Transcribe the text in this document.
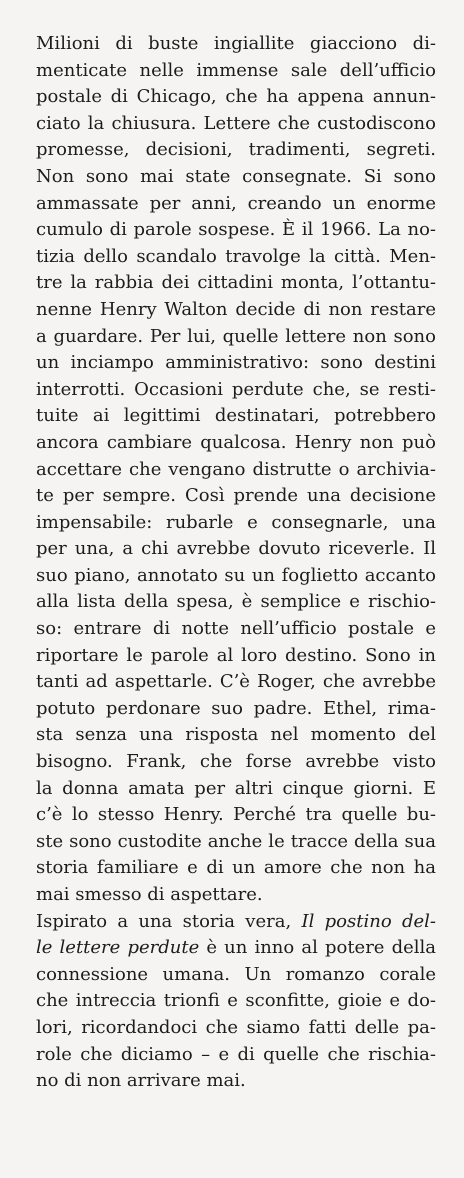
Milioni di buste ingiallite giacciono di-
menticate nelle immense sale dell’ufficio
postale di Chicago, che ha appena annun-
ciato la chiusura. Lettere che custodiscono
promesse, decisioni, tradimenti, segreti.
Non sono mai state consegnate. Si sono
ammassate per anni, creando un enorme
cumulo di parole sospese. È il 1966. La no-
tizia dello scandalo travolge la città. Men-
tre la rabbia dei cittadini monta, l’ottantu-
nenne Henry Walton decide di non restare
a guardare. Per lui, quelle lettere non sono
un inciampo amministrativo: sono destini
interrotti. Occasioni perdute che, se resti-
tuite ai legittimi destinatari, potrebbero
ancora cambiare qualcosa. Henry non può
accettare che vengano distrutte o archivia-
te per sempre. Così prende una decisione
impensabile: rubarle e consegnarle, una
per una, a chi avrebbe dovuto riceverle. Il
suo piano, annotato su un foglietto accanto
alla lista della spesa, è semplice e rischio-
so: entrare di notte nell’ufficio postale e
riportare le parole al loro destino. Sono in
tanti ad aspettarle. C’è Roger, che avrebbe
potuto perdonare suo padre. Ethel, rima-
sta senza una risposta nel momento del
bisogno. Frank, che forse avrebbe visto
la donna amata per altri cinque giorni. E
c’è lo stesso Henry. Perché tra quelle bu-
ste sono custodite anche le tracce della sua
storia familiare e di un amore che non ha
mai smesso di aspettare.
Ispirato a una storia vera, Il postino del-
le lettere perdute è un inno al potere della
connessione umana. Un romanzo corale
che intreccia trionfi e sconfitte, gioie e do-
lori, ricordandoci che siamo fatti delle pa-
role che diciamo – e di quelle che rischia-
no di non arrivare mai.
